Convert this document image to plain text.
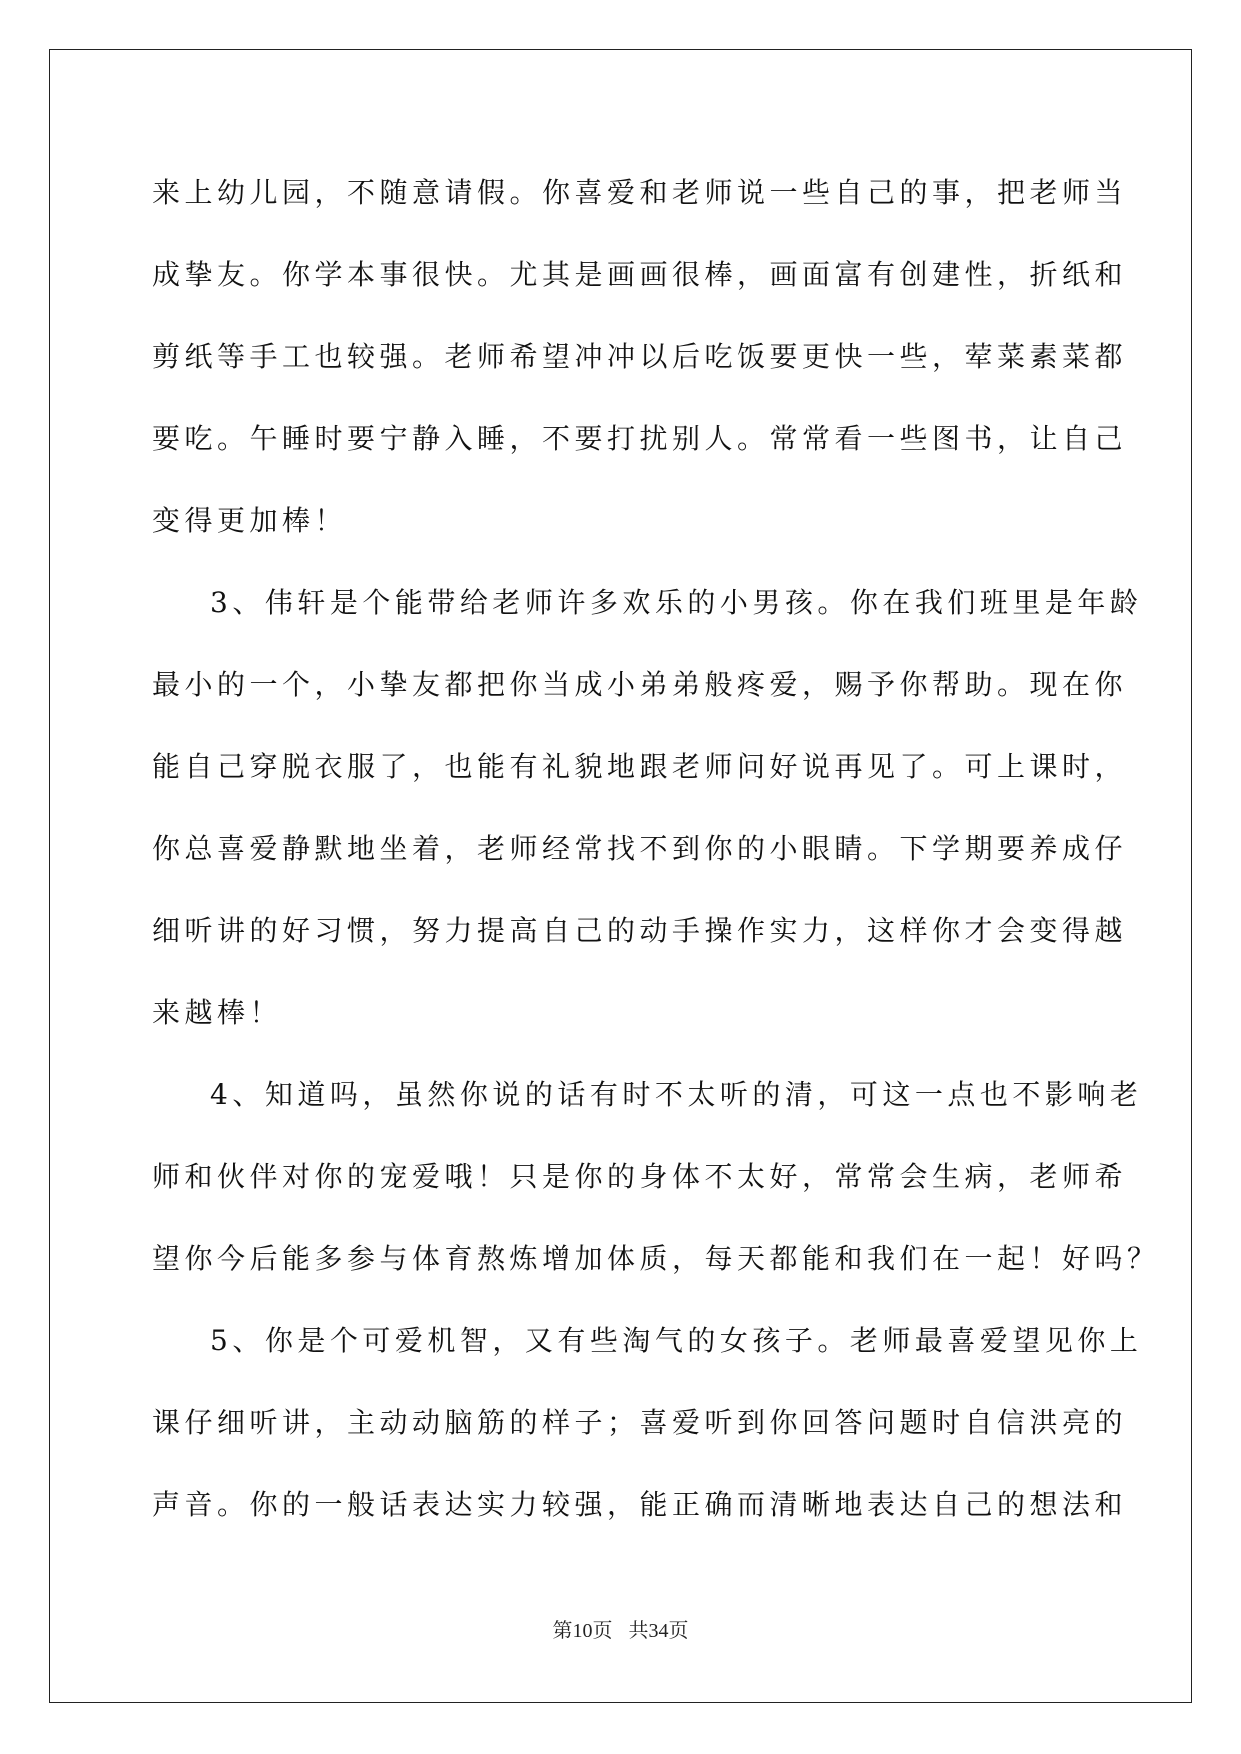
来上幼儿园，不随意请假。你喜爱和老师说一些自己的事，把老师当
成挚友。你学本事很快。尤其是画画很棒，画面富有创建性，折纸和
剪纸等手工也较强。老师希望冲冲以后吃饭要更快一些，荤菜素菜都
要吃。午睡时要宁静入睡，不要打扰别人。常常看一些图书，让自己
变得更加棒！
3、伟轩是个能带给老师许多欢乐的小男孩。你在我们班里是年龄
最小的一个，小挚友都把你当成小弟弟般疼爱，赐予你帮助。现在你
能自己穿脱衣服了，也能有礼貌地跟老师问好说再见了。可上课时，
你总喜爱静默地坐着，老师经常找不到你的小眼睛。下学期要养成仔
细听讲的好习惯，努力提高自己的动手操作实力，这样你才会变得越
来越棒！
4、知道吗，虽然你说的话有时不太听的清，可这一点也不影响老
师和伙伴对你的宠爱哦！只是你的身体不太好，常常会生病，老师希
望你今后能多参与体育熬炼增加体质，每天都能和我们在一起！好吗？
5、你是个可爱机智，又有些淘气的女孩子。老师最喜爱望见你上
课仔细听讲，主动动脑筋的样子；喜爱听到你回答问题时自信洪亮的
声音。你的一般话表达实力较强，能正确而清晰地表达自己的想法和
第10页 共34页
